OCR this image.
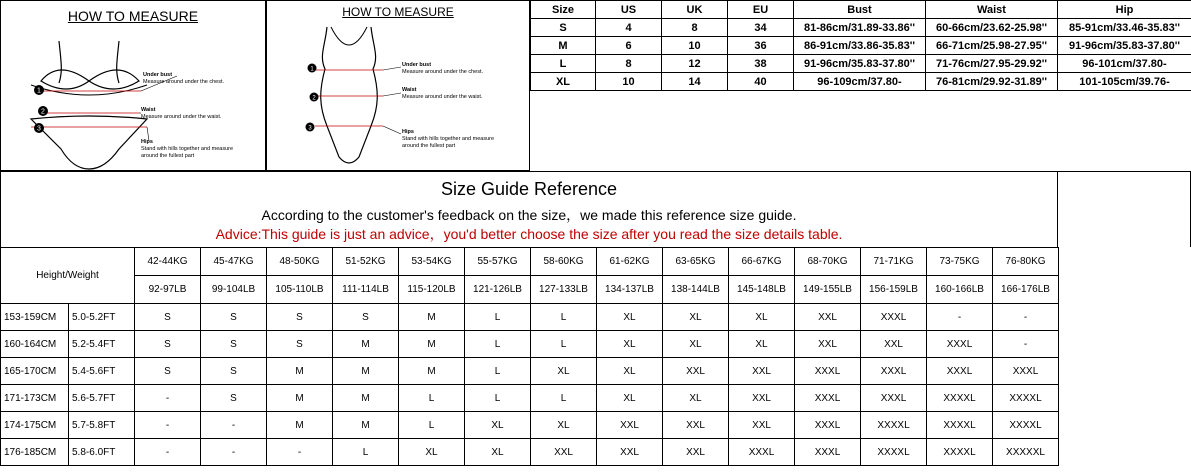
HOW TO MEASURE
1
2
3
Under bust
Measure around under the chest.
Waist
Measure around under the waist.
Hips
Stand with hills together and measure
around the fullest part
HOW TO MEASURE
1
2
3
Under bust
Measure around under the chest.
Waist
Measure around under the waist.
Hips
Stand with hills together and measure
around the fullest part
Size	US	UK	EU	Bust	Waist	Hip
S	4	8	34	81-86cm/31.89-33.86''	60-66cm/23.62-25.98''	85-91cm/33.46-35.83''
M	6	10	36	86-91cm/33.86-35.83''	66-71cm/25.98-27.95''	91-96cm/35.83-37.80''
L	8	12	38	91-96cm/35.83-37.80''	71-76cm/27.95-29.92''	96-101cm/37.80-
XL	10	14	40	96-109cm/37.80-	76-81cm/29.92-31.89''	101-105cm/39.76-
Size Guide Reference
According to the customer's feedback on the size，we made this reference size guide.
Advice:This guide is just an advice，you'd better choose the size after you read the size details table.
Height/Weight		42-44KG	45-47KG	48-50KG	51-52KG	53-54KG	55-57KG	58-60KG	61-62KG	63-65KG	66-67KG	68-70KG	71-71KG	73-75KG	76-80KG
		92-97LB	99-104LB	105-110LB	111-114LB	115-120LB	121-126LB	127-133LB	134-137LB	138-144LB	145-148LB	149-155LB	156-159LB	160-166LB	166-176LB
153-159CM	5.0-5.2FT	S	S	S	S	M	L	L	XL	XL	XL	XXL	XXXL	-	-
160-164CM	5.2-5.4FT	S	S	S	M	M	L	L	XL	XL	XL	XXL	XXL	XXXL	-
165-170CM	5.4-5.6FT	S	S	M	M	M	L	XL	XL	XXL	XXL	XXXL	XXXL	XXXL	XXXL
171-173CM	5.6-5.7FT	-	S	M	M	L	L	L	XL	XL	XXL	XXXL	XXXL	XXXXL	XXXXL
174-175CM	5.7-5.8FT	-	-	M	M	L	XL	XL	XXL	XXL	XXL	XXXL	XXXXL	XXXXL	XXXXL
176-185CM	5.8-6.0FT	-	-	-	L	XL	XL	XXL	XXL	XXL	XXXL	XXXL	XXXXL	XXXXL	XXXXXL
